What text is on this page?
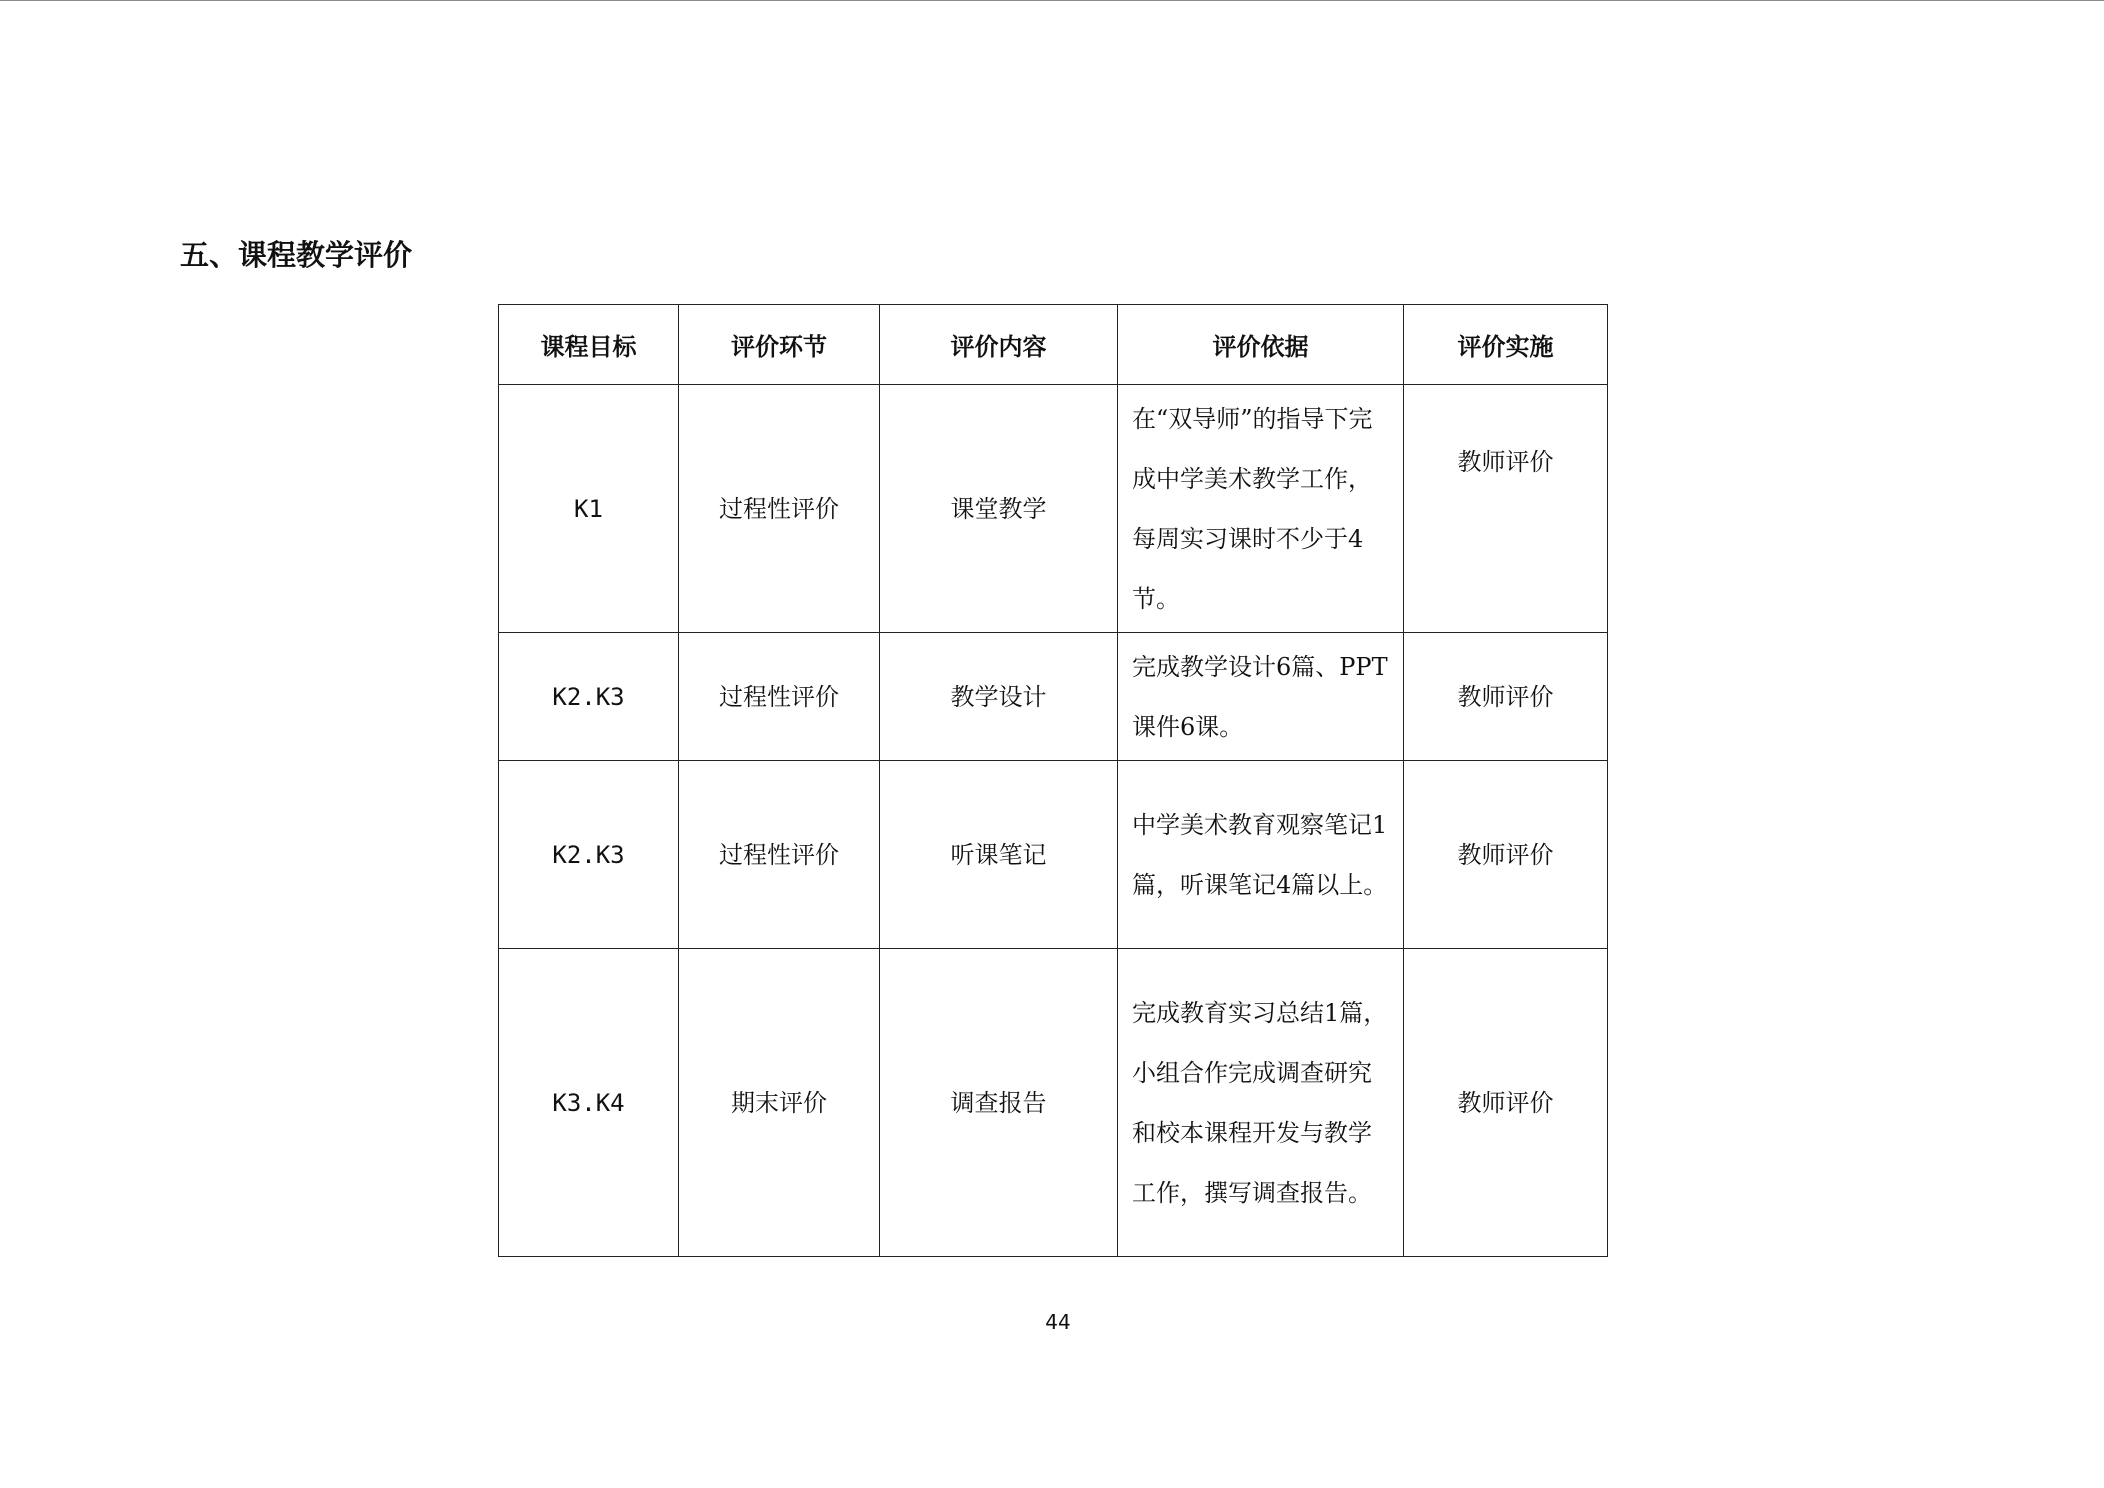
五、课程教学评价
课程目标	评价环节	评价内容	评价依据	评价实施
K1	过程性评价	课堂教学	在“双导师”的指导下完成中学美术教学工作，每周实习课时不少于4节。	教师评价
K2.K3	过程性评价	教学设计	完成教学设计6篇、PPT课件6课。	教师评价
K2.K3	过程性评价	听课笔记	中学美术教育观察笔记1篇，听课笔记4篇以上。	教师评价
K3.K4	期末评价	调查报告	完成教育实习总结1篇，小组合作完成调查研究和校本课程开发与教学工作，撰写调查报告。	教师评价
44
